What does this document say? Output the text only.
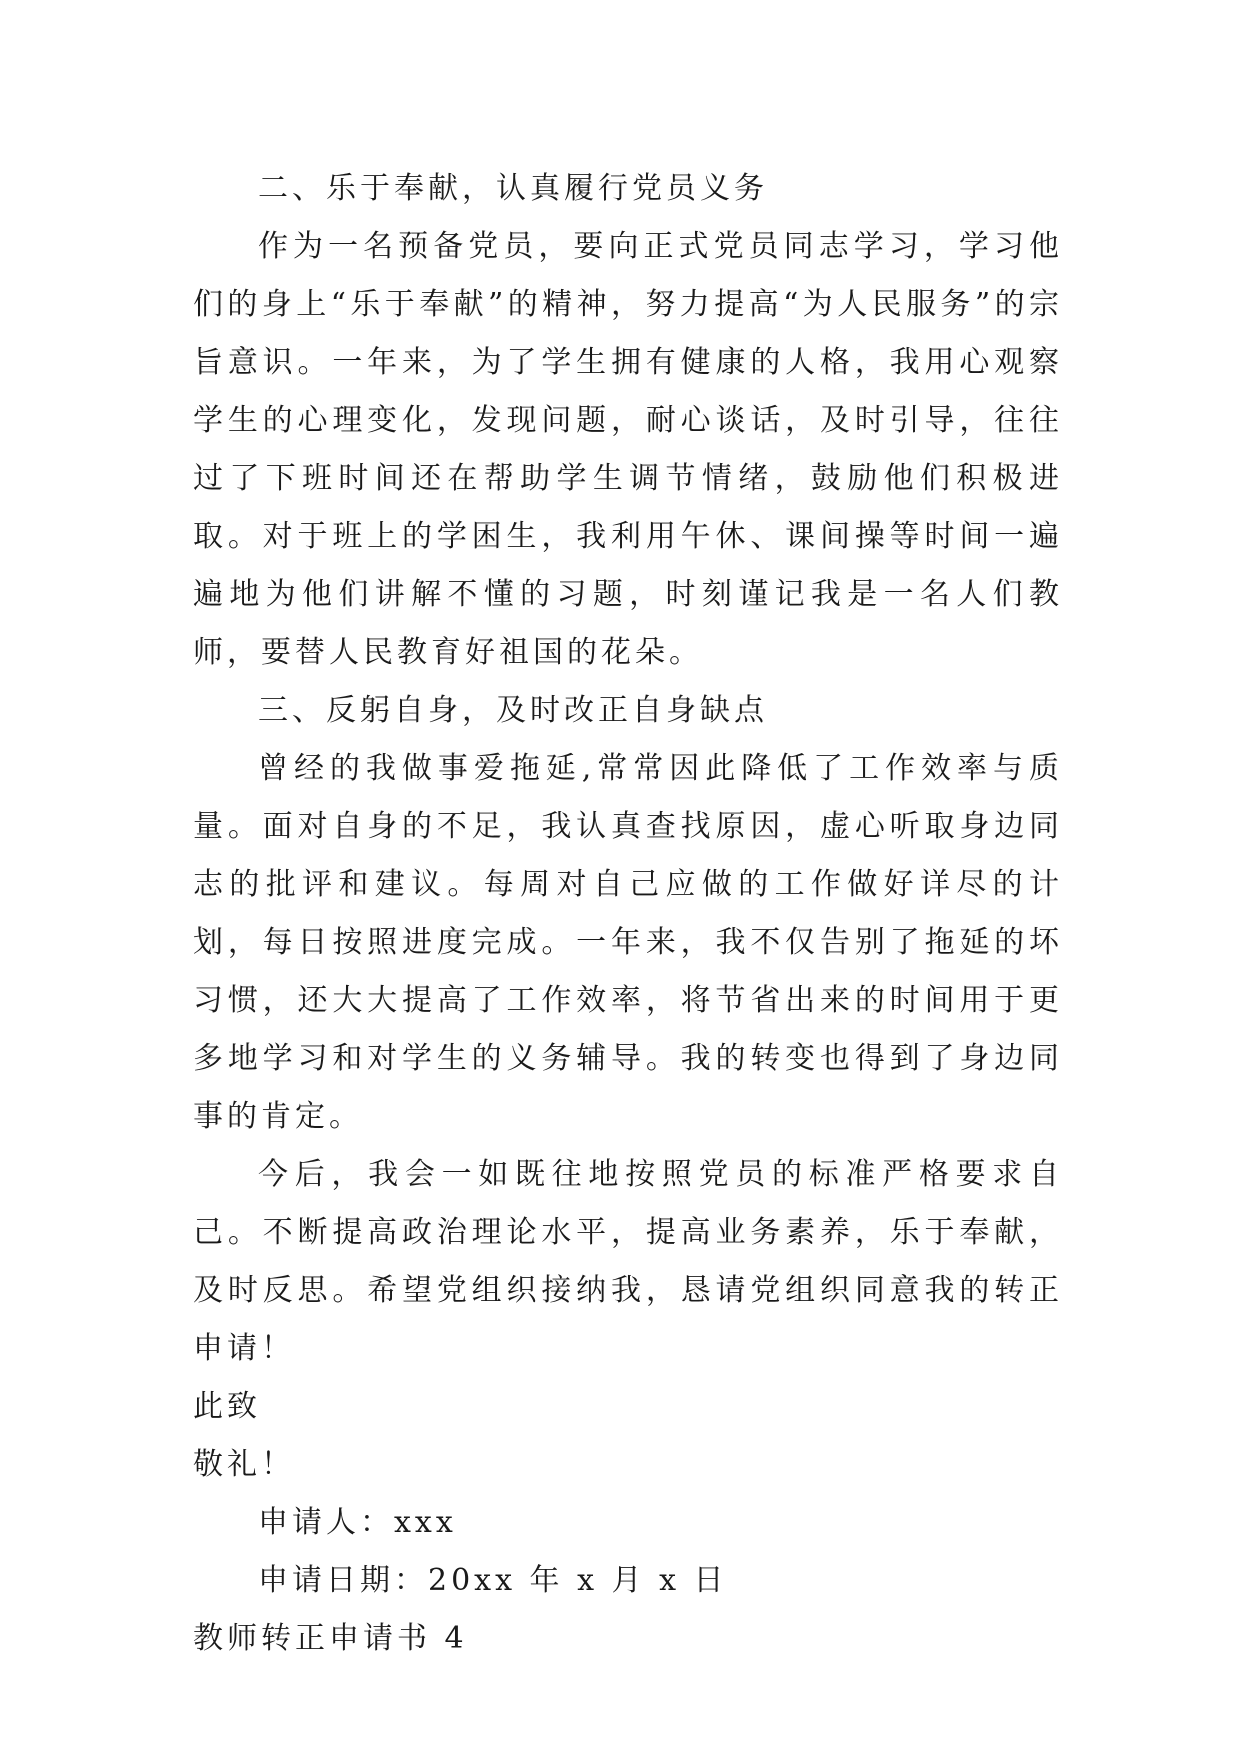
二、乐于奉献，认真履行党员义务

作为一名预备党员，要向正式党员同志学习，学习他们的身上“乐于奉献”的精神，努力提高“为人民服务”的宗旨意识。一年来，为了学生拥有健康的人格，我用心观察学生的心理变化，发现问题，耐心谈话，及时引导，往往过了下班时间还在帮助学生调节情绪，鼓励他们积极进取。对于班上的学困生，我利用午休、课间操等时间一遍遍地为他们讲解不懂的习题，时刻谨记我是一名人们教师，要替人民教育好祖国的花朵。

三、反躬自身，及时改正自身缺点

曾经的我做事爱拖延,常常因此降低了工作效率与质量。面对自身的不足，我认真查找原因，虚心听取身边同志的批评和建议。每周对自己应做的工作做好详尽的计划，每日按照进度完成。一年来，我不仅告别了拖延的坏习惯，还大大提高了工作效率，将节省出来的时间用于更多地学习和对学生的义务辅导。我的转变也得到了身边同事的肯定。

今后，我会一如既往地按照党员的标准严格要求自己。不断提高政治理论水平，提高业务素养，乐于奉献，及时反思。希望党组织接纳我，恳请党组织同意我的转正申请！

此致

敬礼！

申请人：xxx

申请日期：20xx 年 x 月 x 日

教师转正申请书 4
